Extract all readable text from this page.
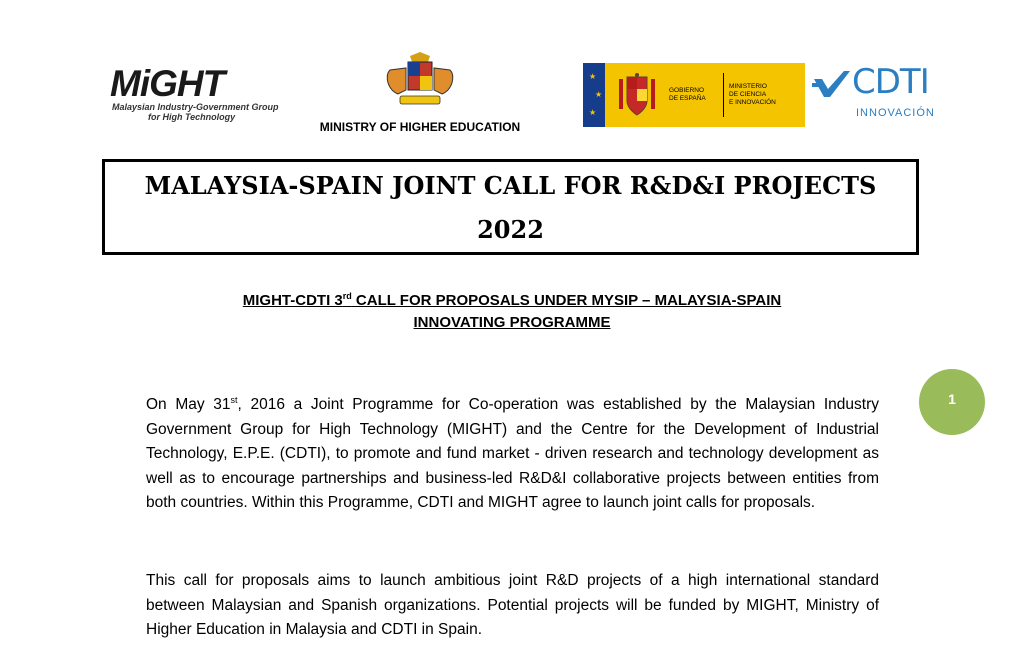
MiGHT
Malaysian Industry-Government Group
for High Technology
MINISTRY OF HIGHER EDUCATION
★
★
★
GOBIERNO
DE ESPAÑA
MINISTERIO
DE CIENCIA
E INNOVACIÓN
CDTI
INNOVACIÓN
MALAYSIA-SPAIN JOINT CALL FOR R&D&I PROJECTS
2022
MIGHT-CDTI 3rd CALL FOR PROPOSALS UNDER MYSIP – MALAYSIA-SPAIN
INNOVATING PROGRAMME
1
On May 31st, 2016 a Joint Programme for Co-operation was established by the Malaysian Industry Government Group for High Technology (MIGHT) and the Centre for the Development of Industrial Technology, E.P.E. (CDTI), to promote and fund market - driven research and technology development as well as to encourage partnerships and business-led R&D&I collaborative projects between entities from both countries. Within this Programme, CDTI and MIGHT agree to launch joint calls for proposals.
This call for proposals aims to launch ambitious joint R&D projects of a high international standard between Malaysian and Spanish organizations. Potential projects will be funded by MIGHT, Ministry of Higher Education in Malaysia and CDTI in Spain.
